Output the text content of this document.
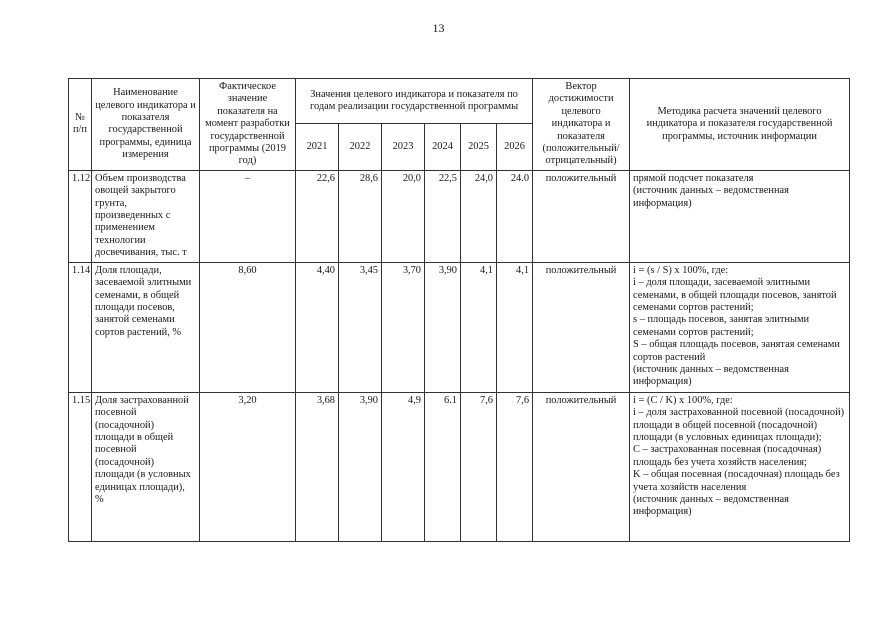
13
№ п/п	Наименование целевого индикатора и показателя государственной программы, единица измерения	Фактическое значение показателя на момент разработки государственной программы (2019 год)	Значения целевого индикатора и показателя по годам реализации государственной программы						Вектор достижимости целевого индикатора и показателя (положительный/ отрицательный)	Методика расчета значений целевого индикатора и показателя государственной программы, источник информации
			2021	2022	2023	2024	2025	2026		
1.12	Объем производства овощей закрытого грунта, произведенных с применением технологии досвечивания, тыс. т	–	22,6	28,6	20,0	22,5	24,0	24.0	положительный	прямой подсчет показателя
(источник данных – ведомственная информация)

1.14	Доля площади, засеваемой элитными семенами, в общей площади посевов, занятой семенами сортов растений, %	8,60	4,40	3,45	3,70	3,90	4,1	4,1	положительный	i = (s / S) x 100%, где:
i – доля площади, засеваемой элитными семенами, в общей площади посевов, занятой семенами сортов растений;
s – площадь посевов, занятая элитными семенами сортов растений;
S – общая площадь посевов, занятая семенами сортов растений
(источник данных – ведомственная информация)

1.15	Доля застрахованной посевной (посадочной) площади в общей посевной (посадочной) площади (в условных единицах площади), %	3,20	3,68	3,90	4,9	6.1	7,6	7,6	положительный	i = (C / K) x 100%, где:
i – доля застрахованной посевной (посадочной) площади в общей посевной (посадочной) площади (в условных единицах площади);
C – застрахованная посевная (посадочная) площадь без учета хозяйств населения;
K – общая посевная (посадочная) площадь без учета хозяйств населения
(источник данных – ведомственная информация)
